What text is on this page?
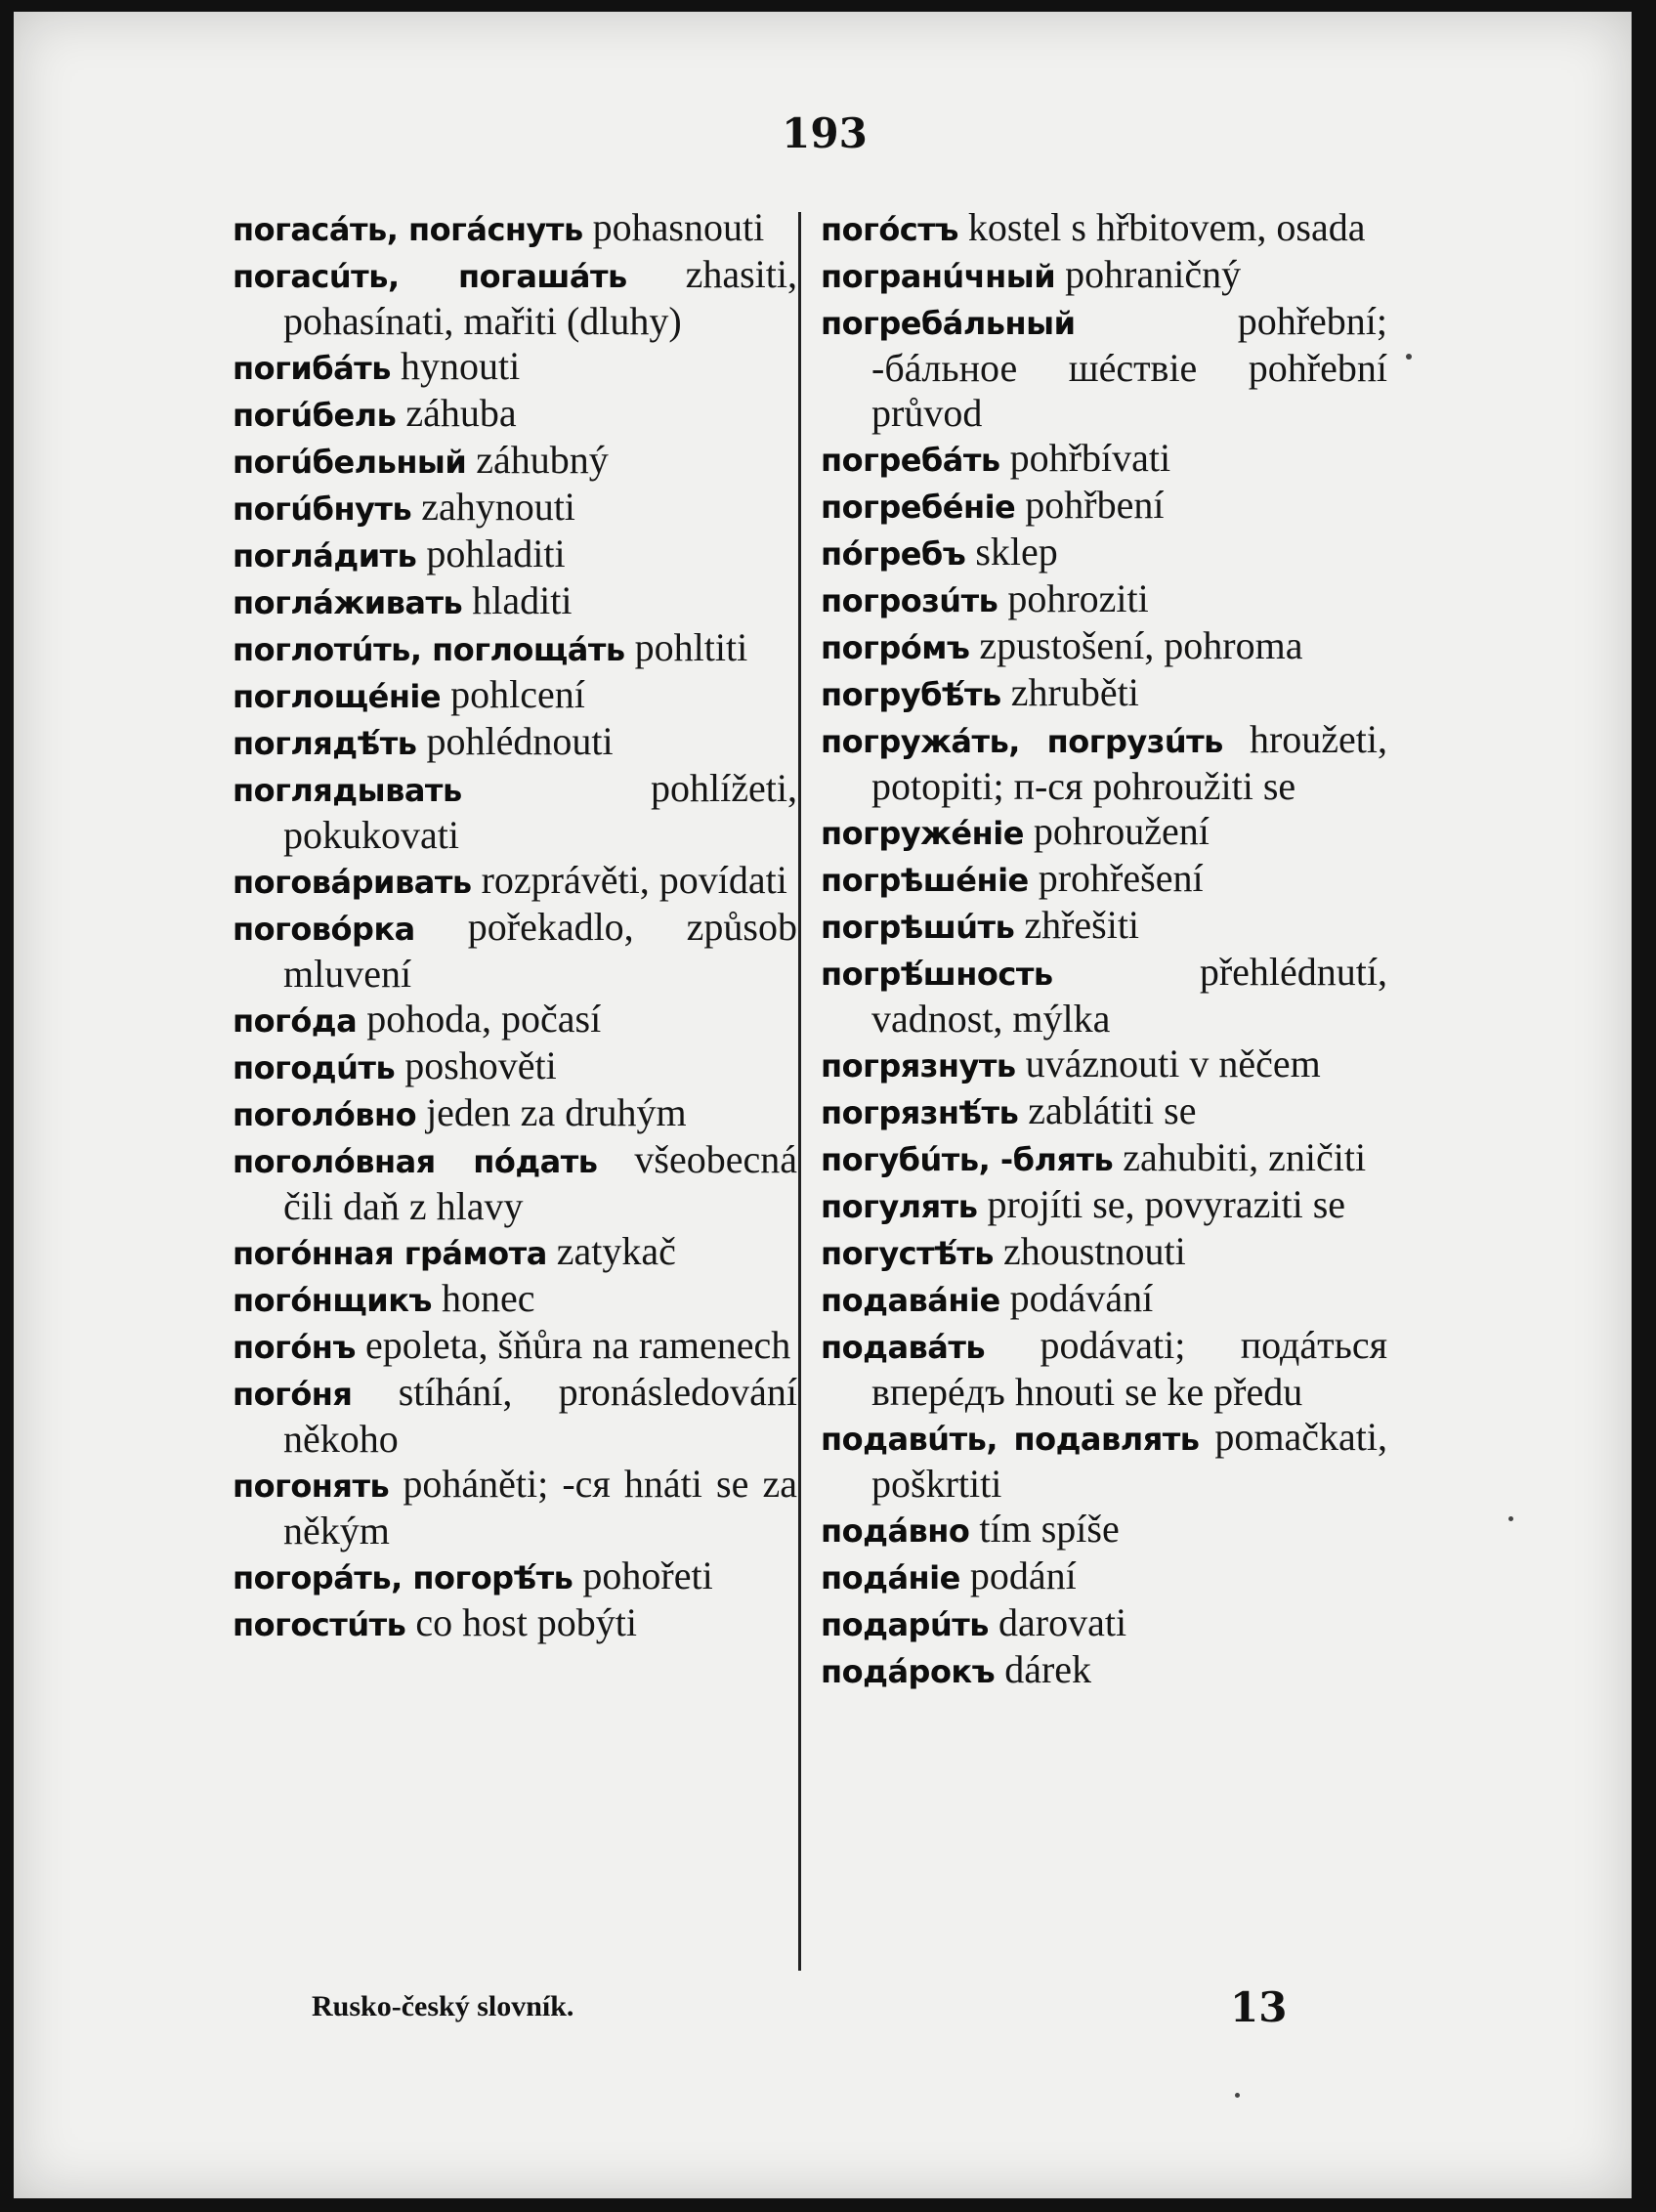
193

погасáть, погáснуть pohasnouti

погасúть, погашáть zhasiti, pohasínati, mařiti (dluhy)

погибáть hynouti

погúбель záhuba

погúбельный záhubný

погúбнуть zahynouti

поглáдить pohladiti

поглáживать hladiti

поглотúть, поглощáть pohltiti

поглощéніе pohlcení

поглядѣ́ть pohlédnouti

поглядывать pohlížeti, pokukovati

поговáривать rozprávěti, povídati

поговóрка pořekadlo, způsob mluvení

погóда pohoda, počasí

погодúть poshověti

поголóвно jeden za druhým

поголóвная пóдать všeobecná čili daň z hlavy

погóнная грáмота zatykač

погóнщикъ honec

погóнъ epoleta, šňůra na ramenech

погóня stíhání, pronásledování někoho

погонять poháněti; -ся hnáti se za někým

погорáть, погорѣ́ть pohořeti

погостúть co host pobýti

погóстъ kostel s hřbitovem, osada

погранúчный pohraničný

погребáльный pohřební; -бáльное шéствіе pohřební průvod

погребáть pohřbívati

погребéніе pohřbení

пóгребъ sklep

погрозúть pohroziti

погрóмъ zpustošení, pohroma

погрубѣ́ть zhruběti

погружáть, погрузúть hroužeti, potopiti; п-ся pohroužiti se

погружéніе pohroužení

погрѣшéніе prohřešení

погрѣшúть zhřešiti

погрѣ́шность přehlédnutí, vadnost, mýlka

погрязнуть uváznouti v něčem

погрязнѣ́ть zablátiti se

погубúть, -блять zahubiti, zničiti

погулять projíti se, povyraziti se

погустѣ́ть zhoustnouti

подавáніе podávání

подавáть podávati; подáться вперéдъ hnouti se ke předu

подавúть, подавлять pomačkati, poškrtiti

подáвно tím spíše

подáніе podání

подарúть darovati

подáрокъ dárek

Rusko-český slovník.	13
